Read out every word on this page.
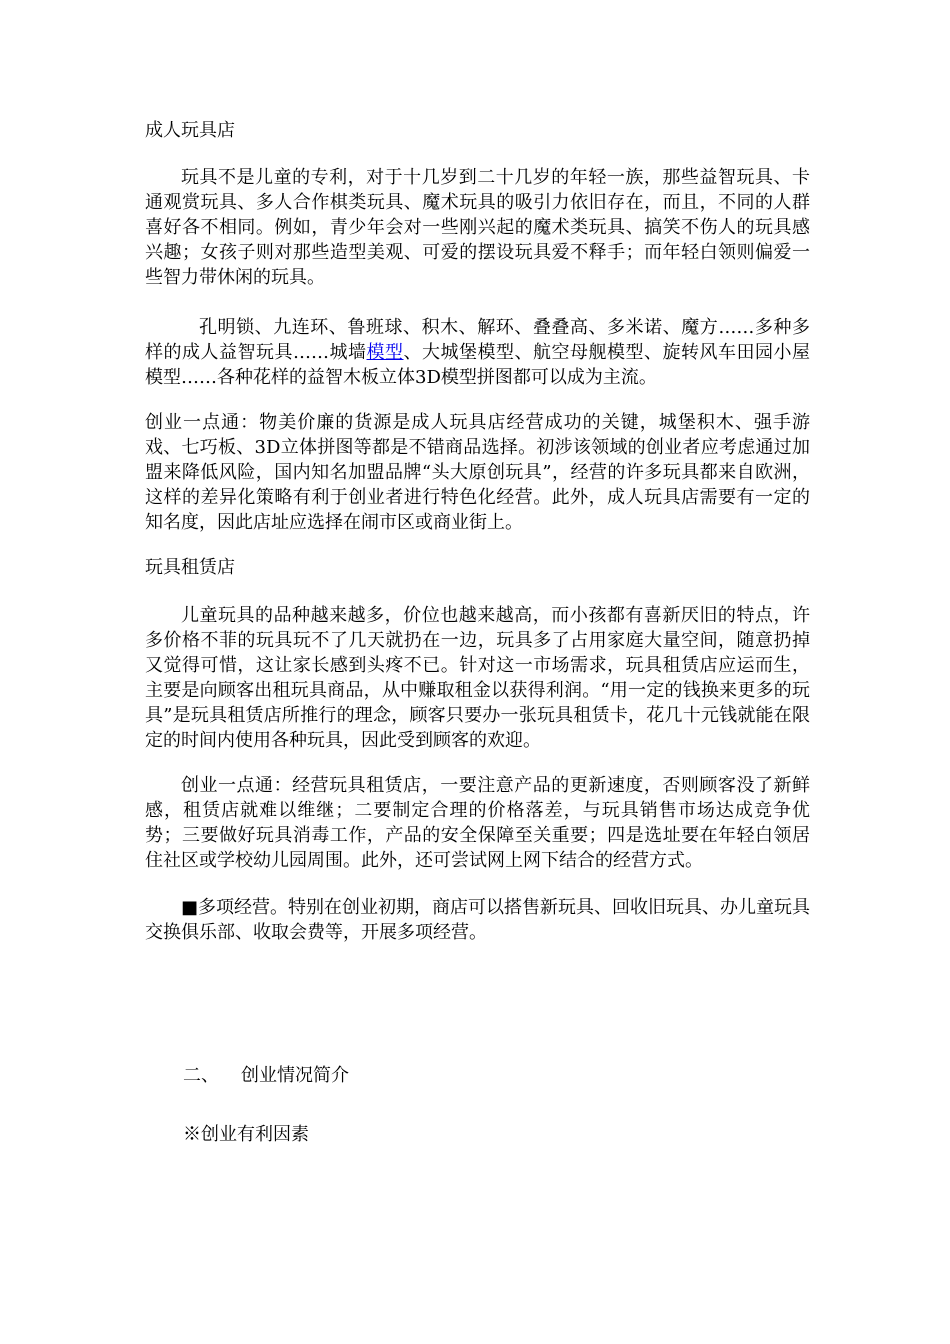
成人玩具店

玩具不是儿童的专利，对于十几岁到二十几岁的年轻一族，那些益智玩具、卡通观赏玩具、多人合作棋类玩具、魔术玩具的吸引力依旧存在，而且，不同的人群喜好各不相同。例如，青少年会对一些刚兴起的魔术类玩具、搞笑不伤人的玩具感兴趣；女孩子则对那些造型美观、可爱的摆设玩具爱不释手；而年轻白领则偏爱一些智力带休闲的玩具。

孔明锁、九连环、鲁班球、积木、解环、叠叠高、多米诺、魔方……多种多样的成人益智玩具……城墙模型、大城堡模型、航空母舰模型、旋转风车田园小屋模型……各种花样的益智木板立体3D模型拼图都可以成为主流。

创业一点通：物美价廉的货源是成人玩具店经营成功的关键，城堡积木、强手游戏、七巧板、3D立体拼图等都是不错商品选择。初涉该领域的创业者应考虑通过加盟来降低风险，国内知名加盟品牌“头大原创玩具”，经营的许多玩具都来自欧洲，这样的差异化策略有利于创业者进行特色化经营。此外，成人玩具店需要有一定的知名度，因此店址应选择在闹市区或商业街上。

玩具租赁店

儿童玩具的品种越来越多，价位也越来越高，而小孩都有喜新厌旧的特点，许多价格不菲的玩具玩不了几天就扔在一边，玩具多了占用家庭大量空间，随意扔掉又觉得可惜，这让家长感到头疼不已。针对这一市场需求，玩具租赁店应运而生，主要是向顾客出租玩具商品，从中赚取租金以获得利润。“用一定的钱换来更多的玩具”是玩具租赁店所推行的理念，顾客只要办一张玩具租赁卡，花几十元钱就能在限定的时间内使用各种玩具，因此受到顾客的欢迎。

创业一点通：经营玩具租赁店，一要注意产品的更新速度，否则顾客没了新鲜感，租赁店就难以维继；二要制定合理的价格落差，与玩具销售市场达成竞争优势；三要做好玩具消毒工作，产品的安全保障至关重要；四是选址要在年轻白领居住社区或学校幼儿园周围。此外，还可尝试网上网下结合的经营方式。

■多项经营。特别在创业初期，商店可以搭售新玩具、回收旧玩具、办儿童玩具交换俱乐部、收取会费等，开展多项经营。

二、 创业情况简介

※创业有利因素
